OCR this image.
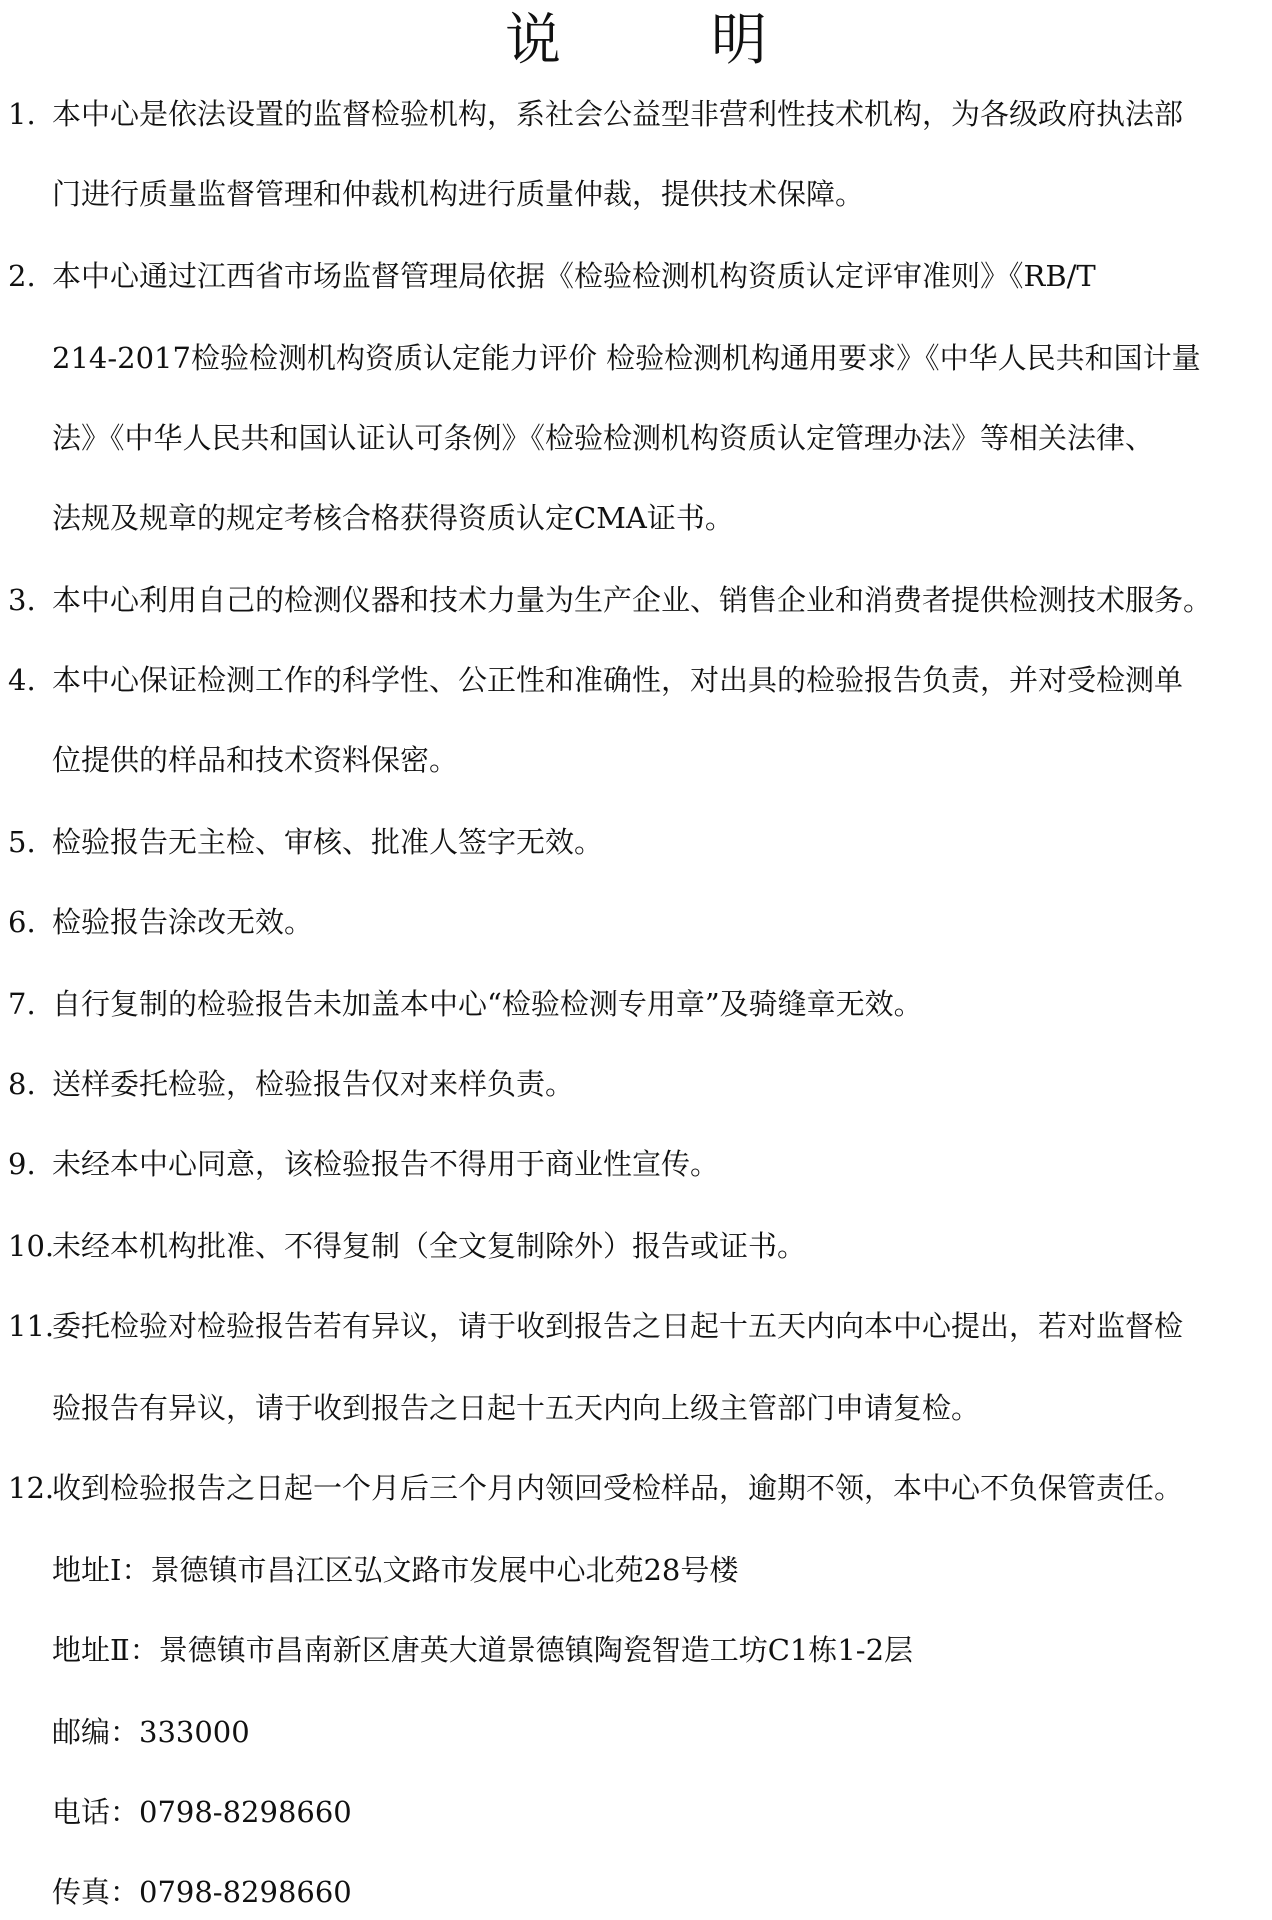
说	明
1. 本中心是依法设置的监督检验机构，系社会公益型非营利性技术机构，为各级政府执法部
门进行质量监督管理和仲裁机构进行质量仲裁，提供技术保障。
2. 本中心通过江西省市场监督管理局依据《检验检测机构资质认定评审准则》《RB/T
214-2017检验检测机构资质认定能力评价 检验检测机构通用要求》《中华人民共和国计量
法》《中华人民共和国认证认可条例》《检验检测机构资质认定管理办法》等相关法律、
法规及规章的规定考核合格获得资质认定CMA证书。
3. 本中心利用自己的检测仪器和技术力量为生产企业、销售企业和消费者提供检测技术服务。
4. 本中心保证检测工作的科学性、公正性和准确性，对出具的检验报告负责，并对受检测单
位提供的样品和技术资料保密。
5. 检验报告无主检、审核、批准人签字无效。
6. 检验报告涂改无效。
7. 自行复制的检验报告未加盖本中心“检验检测专用章”及骑缝章无效。
8. 送样委托检验，检验报告仅对来样负责。
9. 未经本中心同意，该检验报告不得用于商业性宣传。
10.
未经本机构批准、不得复制（全文复制除外）报告或证书。
11.
委托检验对检验报告若有异议，请于收到报告之日起十五天内向本中心提出，若对监督检
验报告有异议，请于收到报告之日起十五天内向上级主管部门申请复检。
12.
收到检验报告之日起一个月后三个月内领回受检样品，逾期不领，本中心不负保管责任。
地址Ⅰ：景德镇市昌江区弘文路市发展中心北苑28号楼
地址Ⅱ：景德镇市昌南新区唐英大道景德镇陶瓷智造工坊C1栋1-2层
邮编：333000
电话：0798-8298660
传真：0798-8298660
